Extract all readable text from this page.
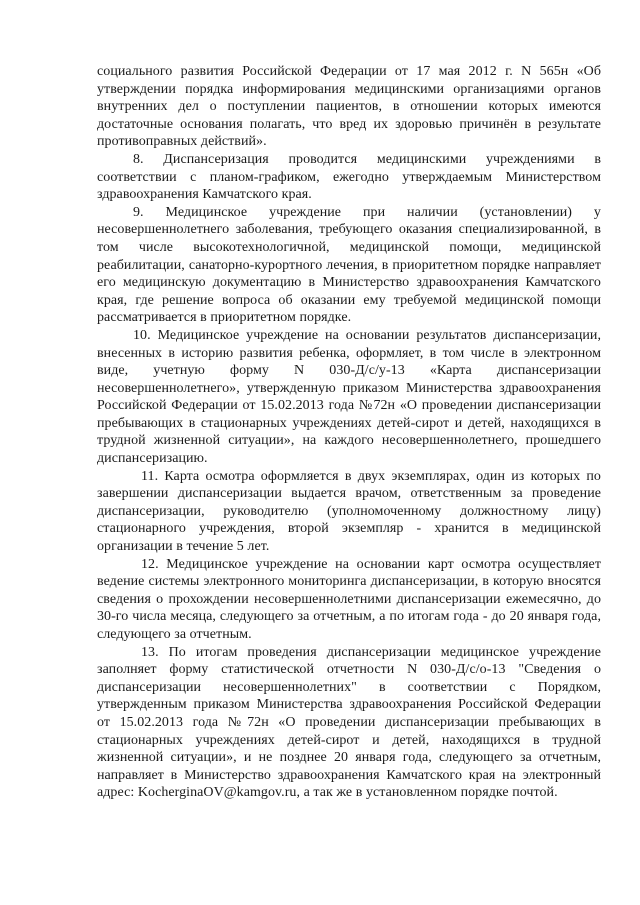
социального развития Российской Федерации от 17 мая 2012 г. N 565н «Об утверждении порядка информирования медицинскими организациями органов внутренних дел о поступлении пациентов, в отношении которых имеются достаточные основания полагать, что вред их здоровью причинён в результате противоправных действий».

8. Диспансеризация проводится медицинскими учреждениями в соответствии с планом-графиком, ежегодно утверждаемым Министерством здравоохранения Камчатского края.

9. Медицинское учреждение при наличии (установлении) у несовершеннолетнего заболевания, требующего оказания специализированной, в том числе высокотехнологичной, медицинской помощи, медицинской реабилитации, санаторно-курортного лечения, в приоритетном порядке направляет его медицинскую документацию в Министерство здравоохранения Камчатского края, где решение вопроса об оказании ему требуемой медицинской помощи рассматривается в приоритетном порядке.

10. Медицинское учреждение на основании результатов диспансеризации, внесенных в историю развития ребенка, оформляет, в том числе в электронном виде, учетную форму N 030-Д/с/у-13 «Карта диспансеризации несовершеннолетнего», утвержденную приказом Министерства здравоохранения Российской Федерации от 15.02.2013 года №72н «О проведении диспансеризации пребывающих в стационарных учреждениях детей-сирот и детей, находящихся в трудной жизненной ситуации», на каждого несовершеннолетнего, прошедшего диспансеризацию.

11. Карта осмотра оформляется в двух экземплярах, один из которых по завершении диспансеризации выдается врачом, ответственным за проведение диспансеризации, руководителю (уполномоченному должностному лицу) стационарного учреждения, второй экземпляр - хранится в медицинской организации в течение 5 лет.

12. Медицинское учреждение на основании карт осмотра осуществляет ведение системы электронного мониторинга диспансеризации, в которую вносятся сведения о прохождении несовершеннолетними диспансеризации ежемесячно, до 30-го числа месяца, следующего за отчетным, а по итогам года - до 20 января года, следующего за отчетным.

13. По итогам проведения диспансеризации медицинское учреждение заполняет форму статистической отчетности N 030-Д/с/о-13 "Сведения о диспансеризации несовершеннолетних" в соответствии с Порядком, утвержденным приказом Министерства здравоохранения Российской Федерации от 15.02.2013 года №72н «О проведении диспансеризации пребывающих в стационарных учреждениях детей-сирот и детей, находящихся в трудной жизненной ситуации», и не позднее 20 января года, следующего за отчетным, направляет в Министерство здравоохранения Камчатского края на электронный адрес: KocherginaOV@kamgov.ru, а так же в установленном порядке почтой.
